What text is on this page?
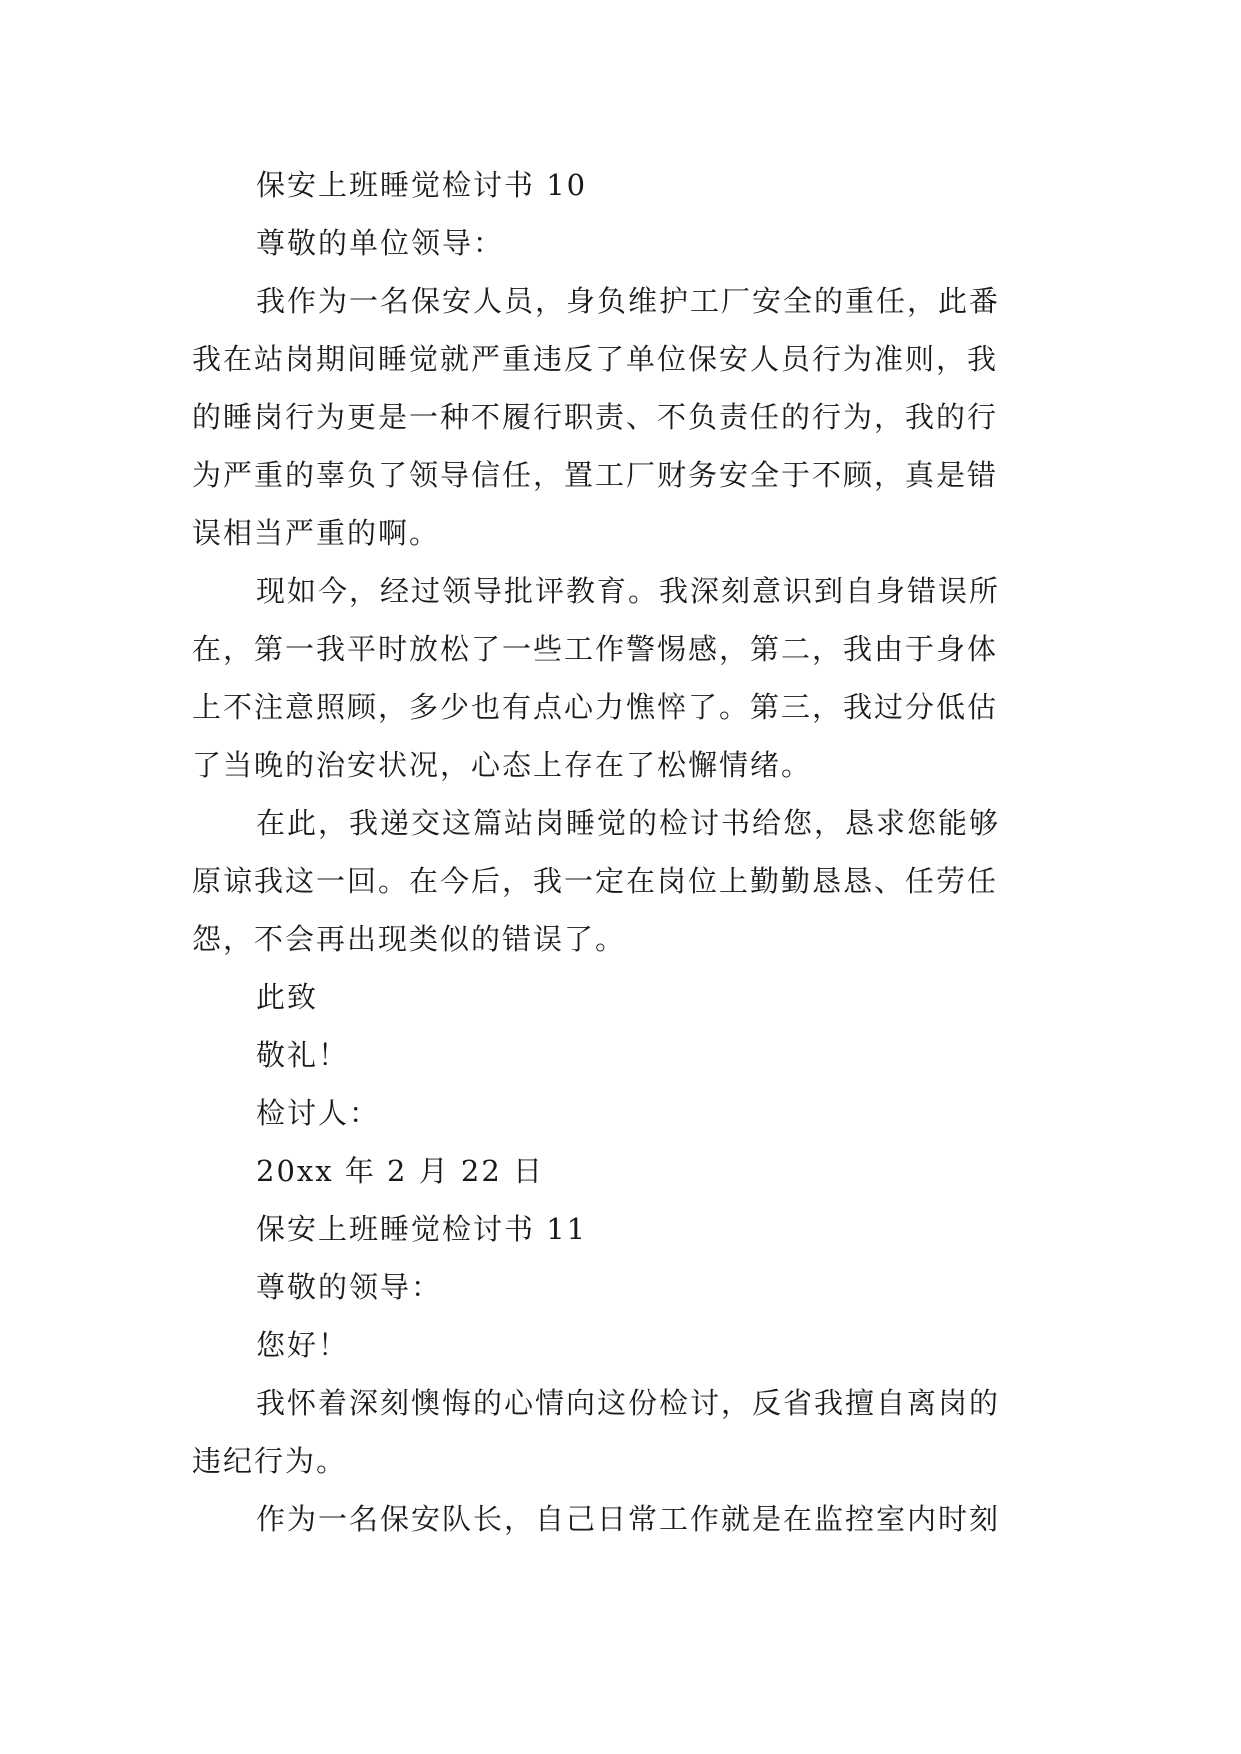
保安上班睡觉检讨书 10
尊敬的单位领导：
我作为一名保安人员，身负维护工厂安全的重任，此番
我在站岗期间睡觉就严重违反了单位保安人员行为准则，我
的睡岗行为更是一种不履行职责、不负责任的行为，我的行
为严重的辜负了领导信任，置工厂财务安全于不顾，真是错
误相当严重的啊。
现如今，经过领导批评教育。我深刻意识到自身错误所
在，第一我平时放松了一些工作警惕感，第二，我由于身体
上不注意照顾，多少也有点心力憔悴了。第三，我过分低估
了当晚的治安状况，心态上存在了松懈情绪。
在此，我递交这篇站岗睡觉的检讨书给您，恳求您能够
原谅我这一回。在今后，我一定在岗位上勤勤恳恳、任劳任
怨，不会再出现类似的错误了。
此致
敬礼！
检讨人：
20xx 年 2 月 22 日
保安上班睡觉检讨书 11
尊敬的领导：
您好！
我怀着深刻懊悔的心情向这份检讨，反省我擅自离岗的
违纪行为。
作为一名保安队长，自己日常工作就是在监控室内时刻
